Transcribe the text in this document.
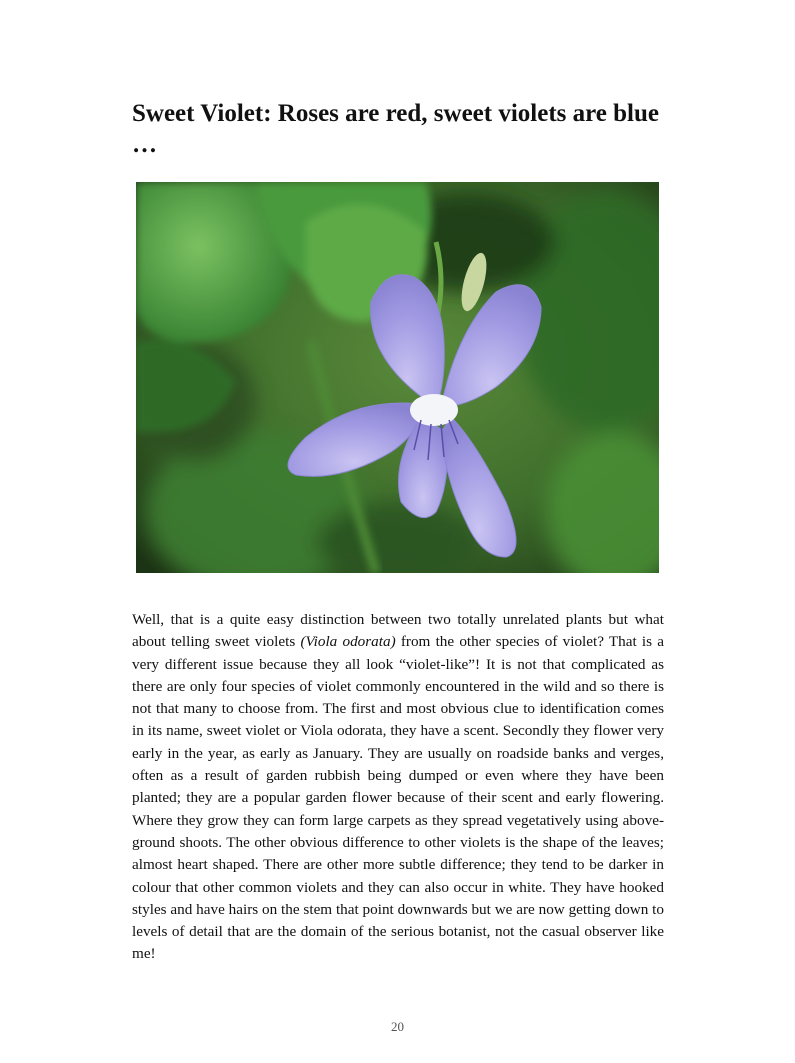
Sweet Violet: Roses are red, sweet violets are blue …

Well, that is a quite easy distinction between two totally unrelated plants but what about telling sweet violets (Viola odorata) from the other species of violet? That is a very different issue because they all look “violet-like”! It is not that complicated as there are only four species of violet commonly encountered in the wild and so there is not that many to choose from. The first and most obvious clue to identification comes in its name, sweet violet or Viola odorata, they have a scent. Secondly they flower very early in the year, as early as January. They are usually on roadside banks and verges, often as a result of garden rubbish being dumped or even where they have been planted; they are a popular garden flower because of their scent and early flowering. Where they grow they can form large carpets as they spread vegetatively using above-ground shoots. The other obvious difference to other violets is the shape of the leaves; almost heart shaped. There are other more subtle difference; they tend to be darker in colour that other common violets and they can also occur in white. They have hooked styles and have hairs on the stem that point downwards but we are now getting down to levels of detail that are the domain of the serious botanist, not the casual observer like me!

20
